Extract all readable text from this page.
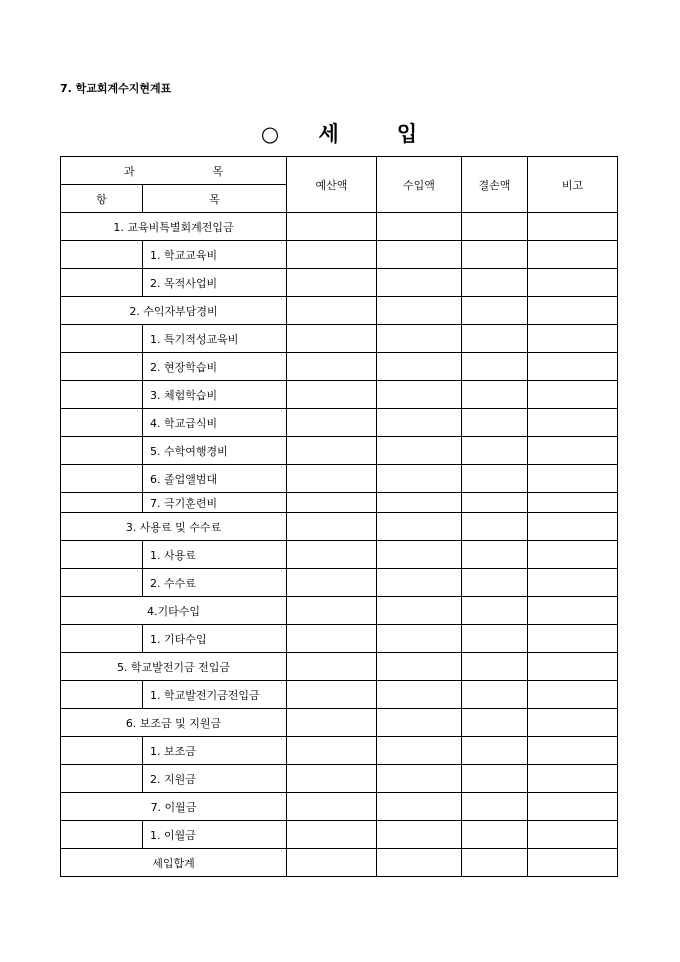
7. 학교회계수지현계표
○ 세	입
과 목		예산액	수입액	결손액	비고
항	목				
1. 교육비특별회계전입금					
	1. 학교교육비				
	2. 목적사업비				
2. 수익자부담경비					
	1. 특기적성교육비				
	2. 현장학습비				
	3. 체험학습비				
	4. 학교급식비				
	5. 수학여행경비				
	6. 졸업앨범대				
	7. 극기훈련비				
3. 사용료 및 수수료					
	1. 사용료				
	2. 수수료				
4.기타수입					
	1. 기타수입				
5. 학교발전기금 전입금					
	1. 학교발전기금전입금				
6. 보조금 및 지원금					
	1. 보조금				
	2. 지원금				
7. 이월금					
	1. 이월금				
세입합계					
